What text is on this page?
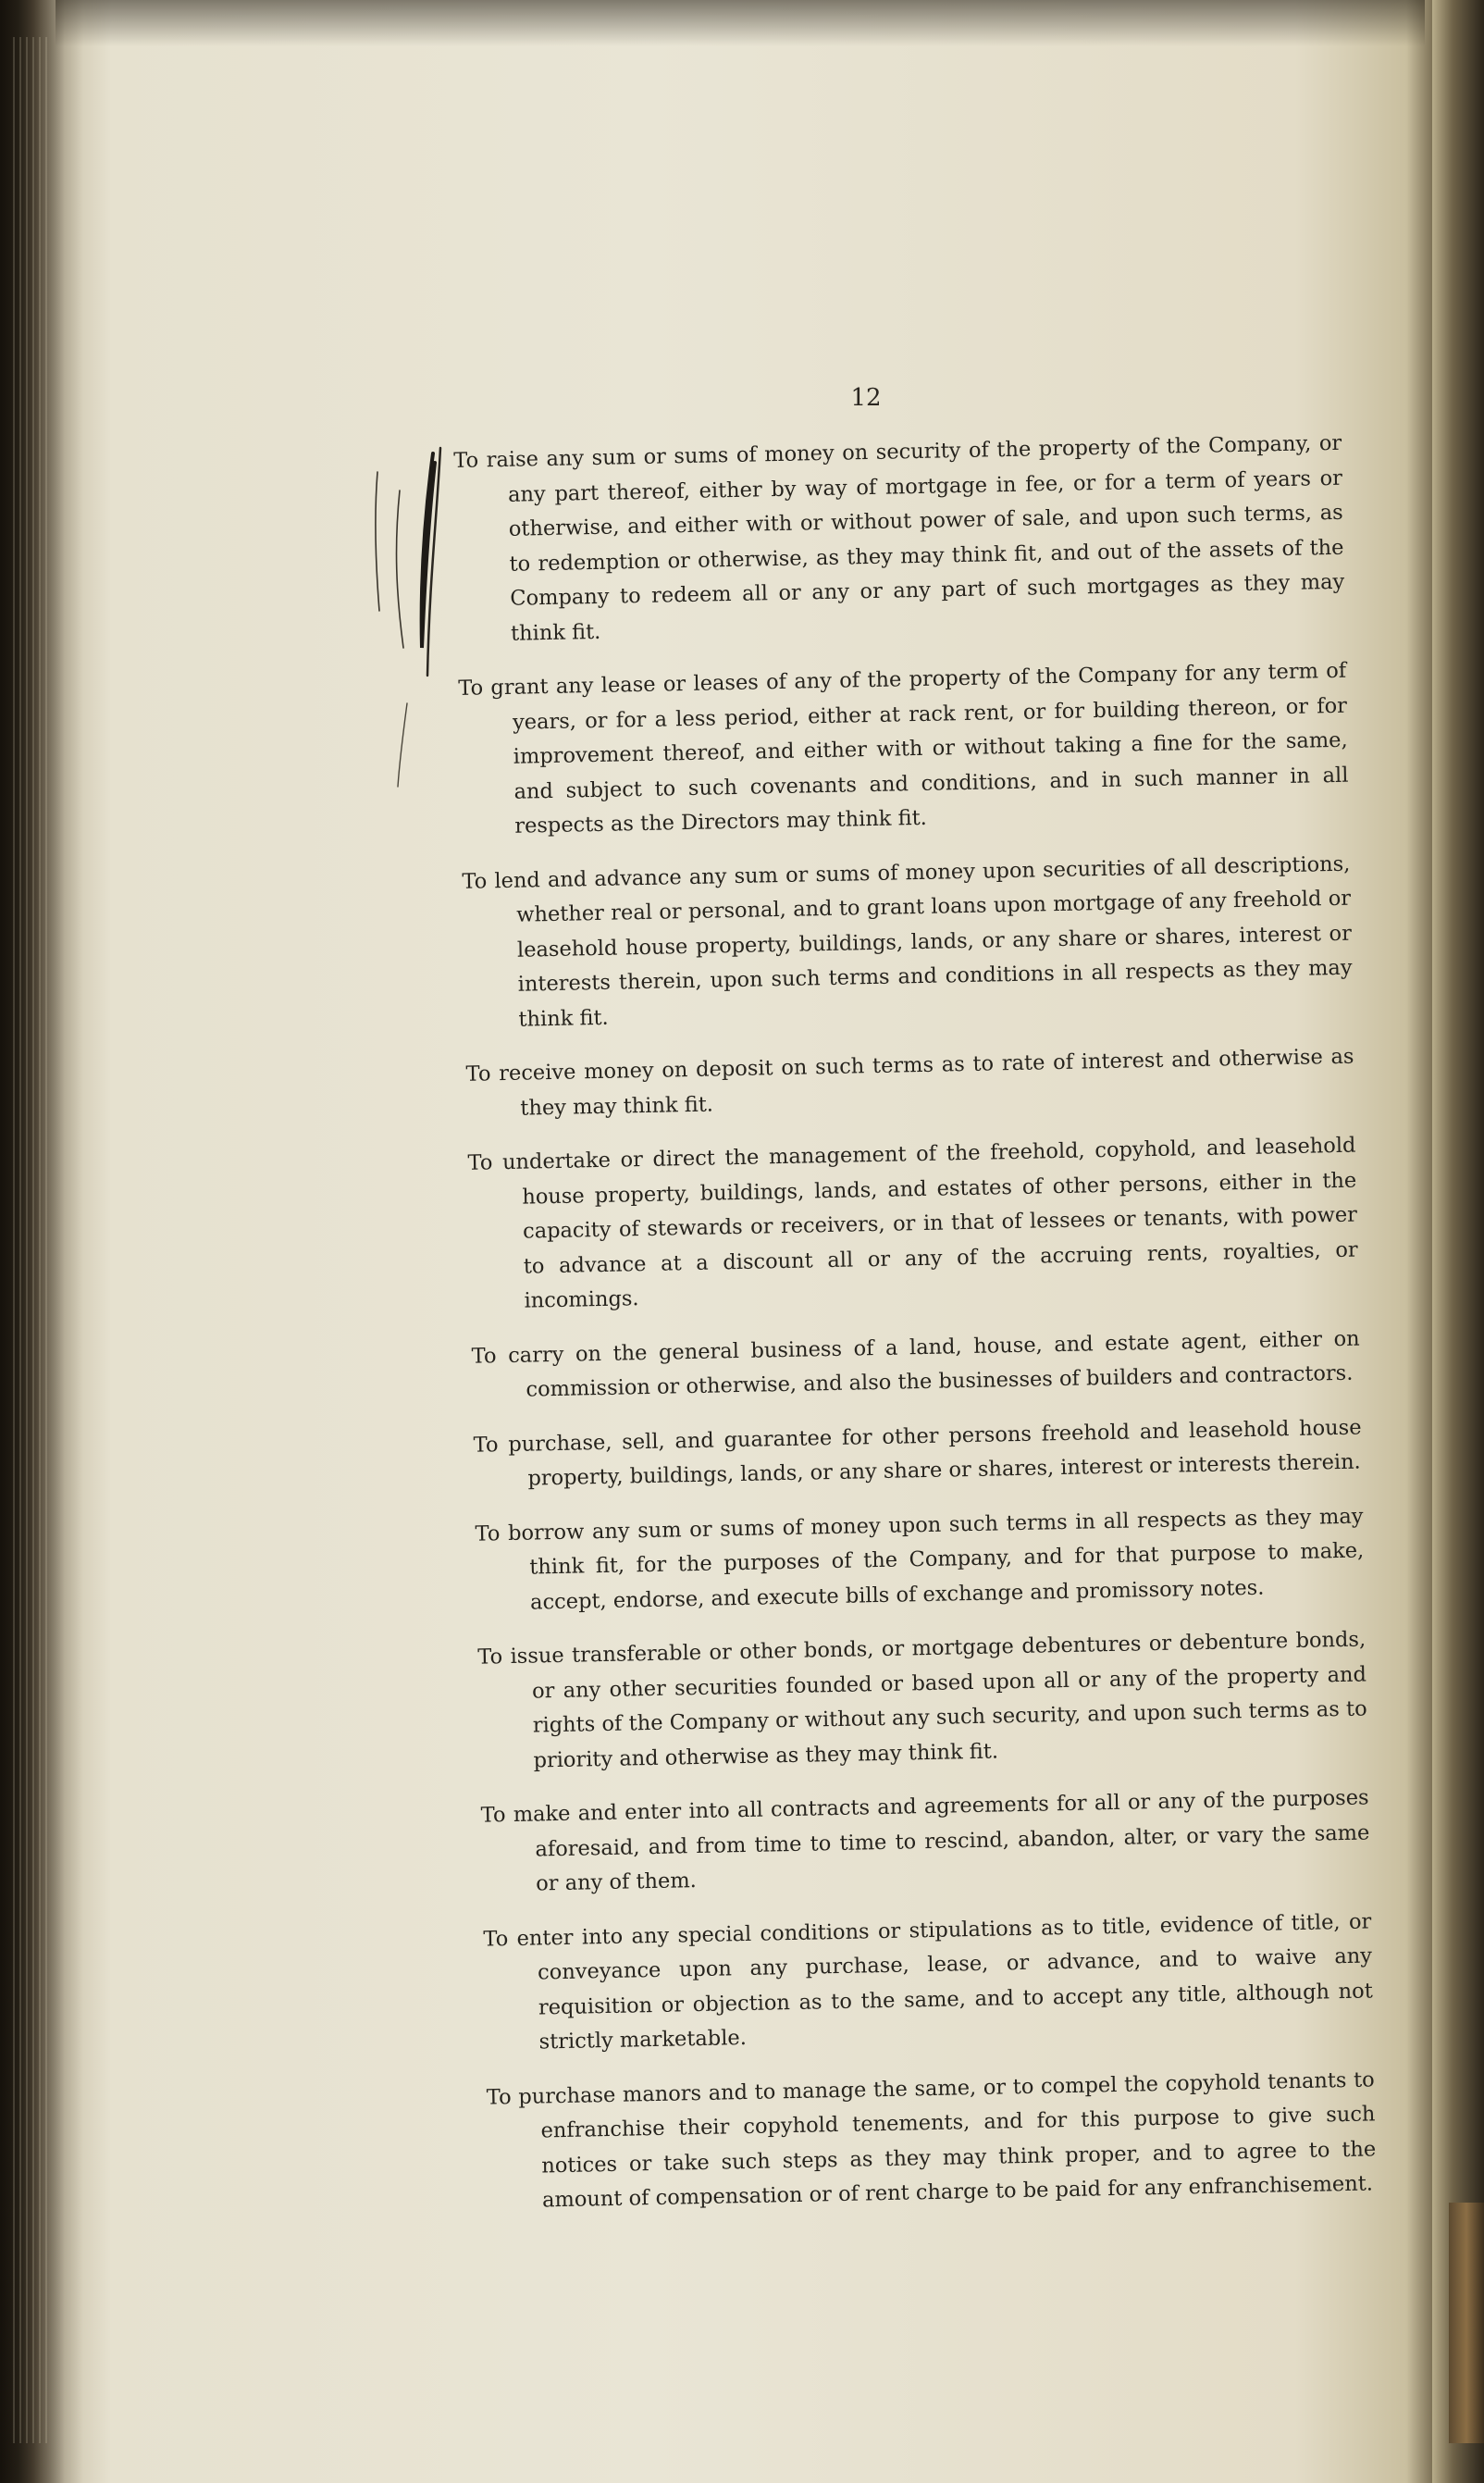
12

To raise any sum or sums of money on security of the property of the Company, or any part thereof, either by way of mortgage in fee, or for a term of years or otherwise, and either with or without power of sale, and upon such terms, as to redemption or otherwise, as they may think fit, and out of the assets of the Company to redeem all or any or any part of such mortgages as they may think fit.

To grant any lease or leases of any of the property of the Company for any term of years, or for a less period, either at rack rent, or for building thereon, or for improvement thereof, and either with or without taking a fine for the same, and subject to such covenants and conditions, and in such manner in all respects as the Directors may think fit.

To lend and advance any sum or sums of money upon securities of all descriptions, whether real or personal, and to grant loans upon mortgage of any freehold or leasehold house property, buildings, lands, or any share or shares, interest or interests therein, upon such terms and conditions in all respects as they may think fit.

To receive money on deposit on such terms as to rate of interest and otherwise as they may think fit.

To undertake or direct the management of the freehold, copyhold, and leasehold house property, buildings, lands, and estates of other persons, either in the capacity of stewards or receivers, or in that of lessees or tenants, with power to advance at a discount all or any of the accruing rents, royalties, or incomings.

To carry on the general business of a land, house, and estate agent, either on commission or otherwise, and also the businesses of builders and contractors.

To purchase, sell, and guarantee for other persons freehold and leasehold house property, buildings, lands, or any share or shares, interest or interests therein.

To borrow any sum or sums of money upon such terms in all respects as they may think fit, for the purposes of the Company, and for that purpose to make, accept, endorse, and execute bills of exchange and promissory notes.

To issue transferable or other bonds, or mortgage debentures or debenture bonds, or any other securities founded or based upon all or any of the property and rights of the Company or without any such security, and upon such terms as to priority and otherwise as they may think fit.

To make and enter into all contracts and agreements for all or any of the purposes aforesaid, and from time to time to rescind, abandon, alter, or vary the same or any of them.

To enter into any special conditions or stipulations as to title, evidence of title, or conveyance upon any purchase, lease, or advance, and to waive any requisition or objection as to the same, and to accept any title, although not strictly marketable.

To purchase manors and to manage the same, or to compel the copyhold tenants to enfranchise their copyhold tenements, and for this purpose to give such notices or take such steps as they may think proper, and to agree to the amount of compensation or of rent charge to be paid for any enfranchisement.
